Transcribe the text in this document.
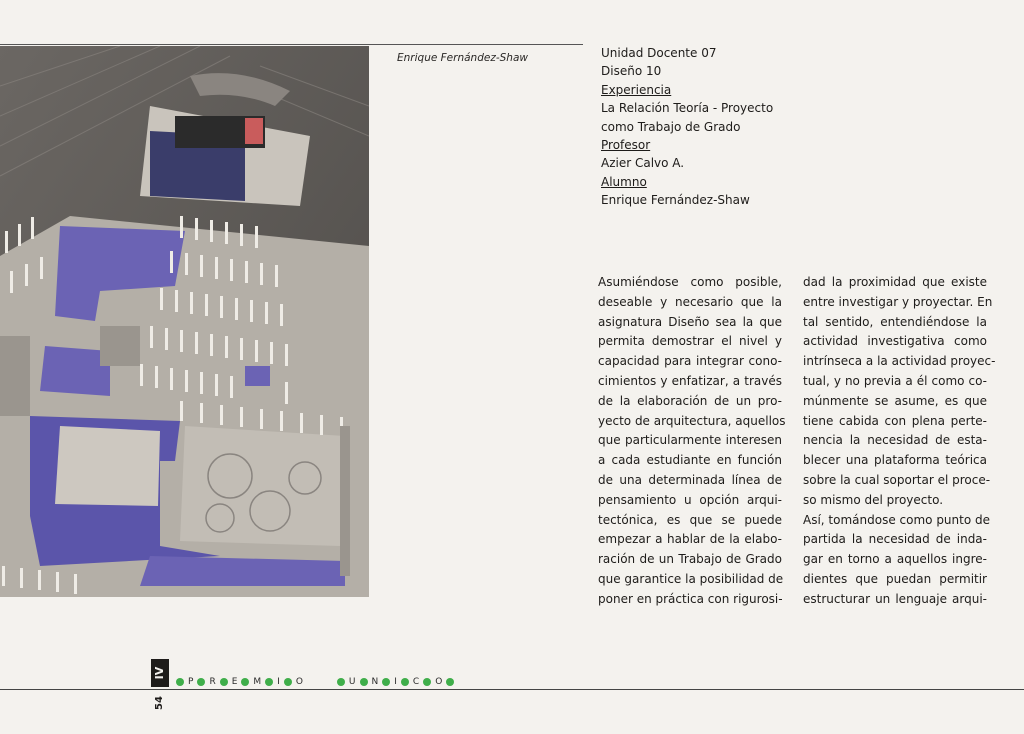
Enrique Fernández-Shaw	Unidad Docente 07
Diseño 10
Experiencia
La Relación Teoría - Proyecto
como Trabajo de Grado
Profesor
Azier Calvo A.
Alumno
Enrique Fernández-Shaw
Asumiéndose como posible,
deseable y necesario que la
asignatura Diseño sea la que
permita demostrar el nivel y
capacidad para integrar cono-
cimientos y enfatizar, a través
de la elaboración de un pro-
yecto de arquitectura, aquellos
que particularmente interesen
a cada estudiante en función
de una determinada línea de
pensamiento u opción arqui-
tectónica, es que se puede
empezar a hablar de la elabo-
ración de un Trabajo de Grado
que garantice la posibilidad de
poner en práctica con rigurosi-
dad la proximidad que existe
entre investigar y proyectar. En
tal sentido, entendiéndose la
actividad investigativa como
intrínseca a la actividad proyec-
tual, y no previa a él como co-
múnmente se asume, es que
tiene cabida con plena perte-
nencia la necesidad de esta-
blecer una plataforma teórica
sobre la cual soportar el proce-
so mismo del proyecto.
Así, tomándose como punto de
partida la necesidad de inda-
gar en torno a aquellos ingre-
dientes que puedan permitir
estructurar un lenguaje arqui-
IV
54
P R E M I O	U N I C O
